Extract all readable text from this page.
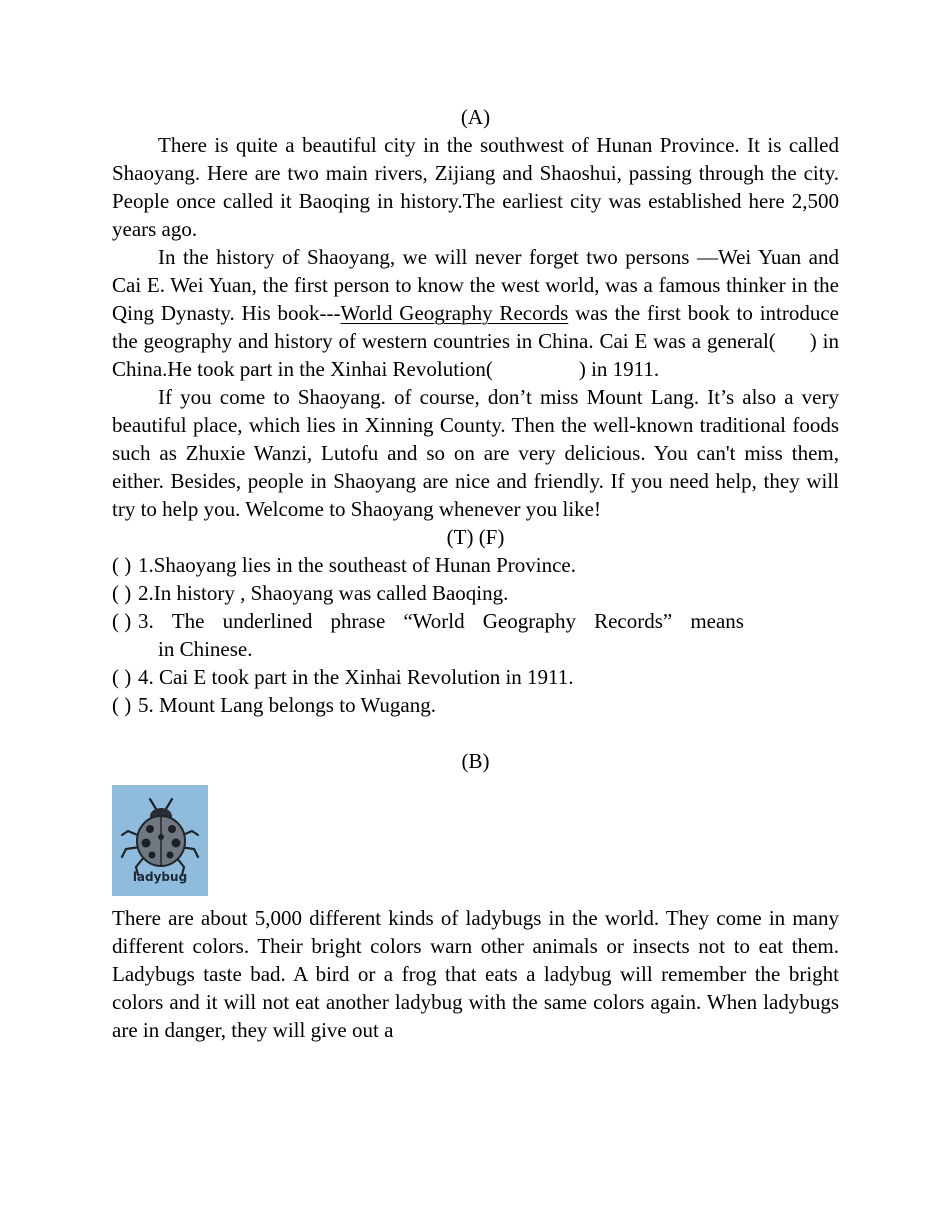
(A)

There is quite a beautiful city in the southwest of Hunan Province. It is called Shaoyang. Here are two main rivers, Zijiang and Shaoshui, passing through the city. People once called it Baoqing in history.The earliest city was established here 2,500 years ago.

In the history of Shaoyang, we will never forget two persons —Wei Yuan and Cai E. Wei Yuan, the first person to know the west world, was a famous thinker in the Qing Dynasty. His book---World Geography Records was the first book to introduce the geography and history of western countries in China. Cai E was a general( ) in China.He took part in the Xinhai Revolution(	) in 1911.

If you come to Shaoyang. of course, don’t miss Mount Lang. It’s also a very beautiful place, which lies in Xinning County. Then the well-known traditional foods such as Zhuxie Wanzi, Lutofu and so on are very delicious. You can't miss them, either. Besides, people in Shaoyang are nice and friendly. If you need help, they will try to help you. Welcome to Shaoyang whenever you like!

(T) (F)

( ) 1.Shaoyang lies in the southeast of Hunan Province.

( ) 2.In history , Shaoyang was called Baoqing.

( ) 3. The underlined phrase “World Geography Records” means

in Chinese.

( ) 4. Cai E took part in the Xinhai Revolution in 1911.

( ) 5. Mount Lang belongs to Wugang.

(B)
ladybug

There are about 5,000 different kinds of ladybugs in the world. They come in many different colors. Their bright colors warn other animals or insects not to eat them. Ladybugs taste bad. A bird or a frog that eats a ladybug will remember the bright colors and it will not eat another ladybug with the same colors again. When ladybugs are in danger, they will give out a
